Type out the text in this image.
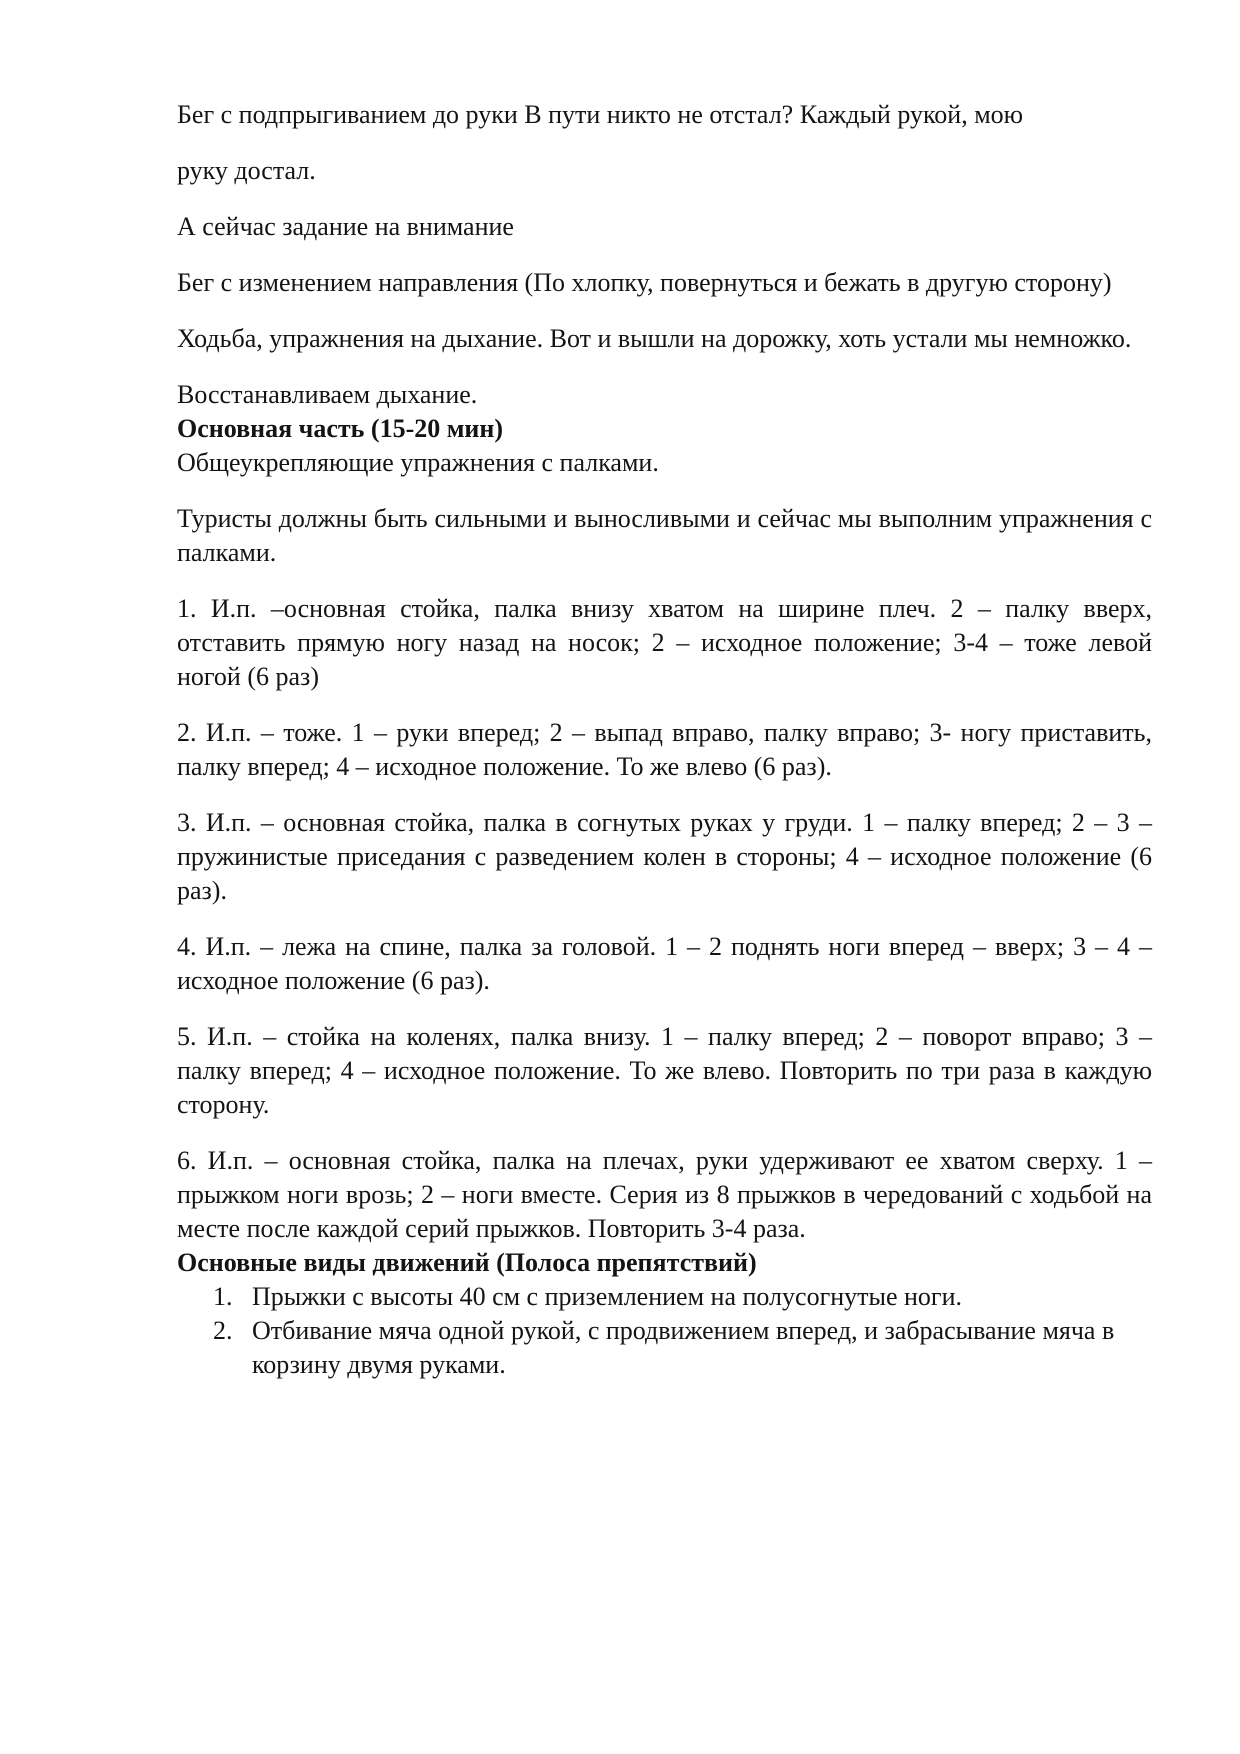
Бег с подпрыгиванием до руки В пути никто не отстал? Каждый рукой, мою

руку достал.

А сейчас задание на внимание

Бег с изменением направления (По хлопку, повернуться и бежать в другую сторону)

Ходьба, упражнения на дыхание. Вот и вышли на дорожку, хоть устали мы немножко.

Восстанавливаем дыхание.

Основная часть (15-20 мин)

Общеукрепляющие упражнения с палками.

Туристы должны быть сильными и выносливыми и сейчас мы выполним упражнения с палками.

1. И.п. –основная стойка, палка внизу хватом на ширине плеч. 2 – палку вверх, отставить прямую ногу назад на носок; 2 – исходное положение; 3-4 – тоже левой ногой (6 раз)

2. И.п. – тоже. 1 – руки вперед; 2 – выпад вправо, палку вправо; 3- ногу приставить, палку вперед; 4 – исходное положение. То же влево (6 раз).

3. И.п. – основная стойка, палка в согнутых руках у груди. 1 – палку вперед; 2 – 3 –пружинистые приседания с разведением колен в стороны; 4 – исходное положение (6 раз).

4. И.п. – лежа на спине, палка за головой. 1 – 2 поднять ноги вперед – вверх; 3 – 4 – исходное положение (6 раз).

5. И.п. – стойка на коленях, палка внизу. 1 – палку вперед; 2 – поворот вправо; 3 – палку вперед; 4 – исходное положение. То же влево. Повторить по три раза в каждую сторону.

6. И.п. – основная стойка, палка на плечах, руки удерживают ее хватом сверху. 1 – прыжком ноги врозь; 2 – ноги вместе. Серия из 8 прыжков в чередований с ходьбой на месте после каждой серий прыжков. Повторить 3-4 раза.

Основные виды движений (Полоса препятствий)

1. Прыжки с высоты 40 см с приземлением на полусогнутые ноги.
2. Отбивание мяча одной рукой, с продвижением вперед, и забрасывание мяча в корзину двумя руками.
